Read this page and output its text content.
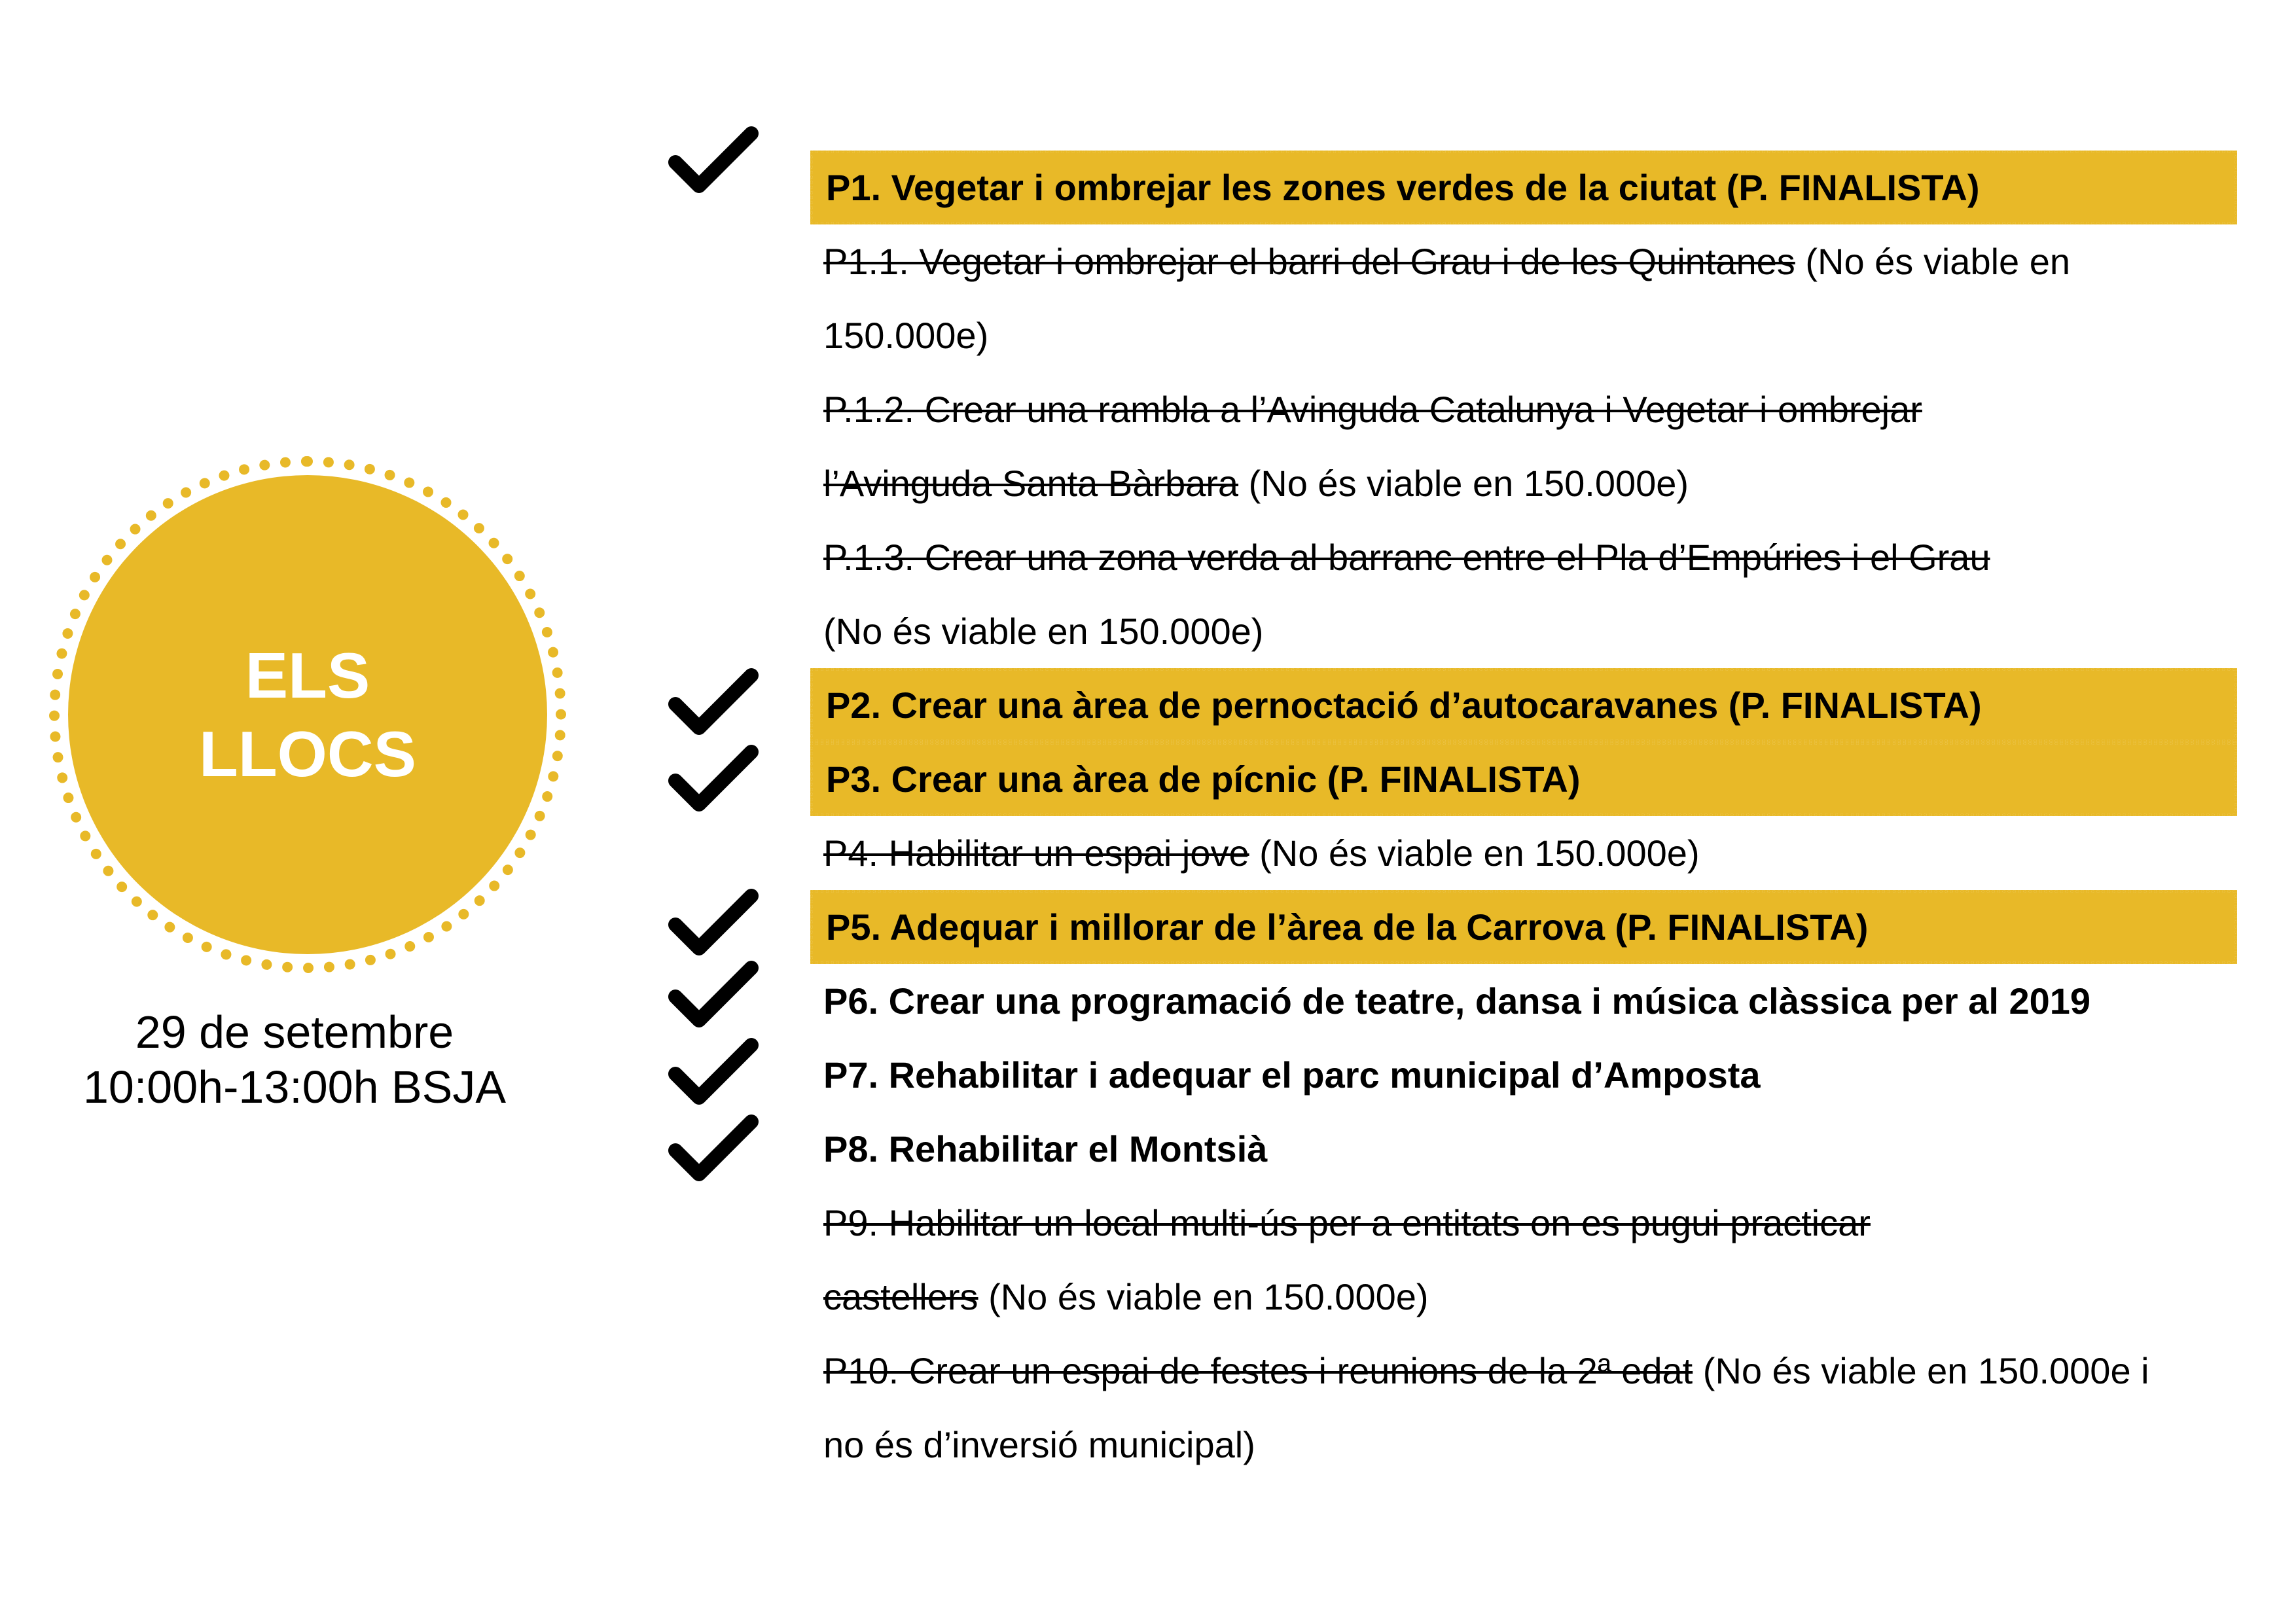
ELS
LLOCS
29 de setembre
10:00h-13:00h BSJA
P1. Vegetar i ombrejar les zones verdes de la ciutat (P. FINALISTA)
P1.1. Vegetar i ombrejar el barri del Grau i de les Quintanes (No és viable en
150.000e)
P.1.2. Crear una rambla a l’Avinguda Catalunya i Vegetar i ombrejar
l’Avinguda Santa Bàrbara (No és viable en 150.000e)
P.1.3. Crear una zona verda al barranc entre el Pla d’Empúries i el Grau
(No és viable en 150.000e)
P2. Crear una àrea de pernoctació d’autocaravanes (P. FINALISTA)
P3. Crear una àrea de pícnic (P. FINALISTA)
P4. Habilitar un espai jove (No és viable en 150.000e)
P5. Adequar i millorar de l’àrea de la Carrova (P. FINALISTA)
P6. Crear una programació de teatre, dansa i música clàssica per al 2019
P7. Rehabilitar i adequar el parc municipal d’Amposta
P8. Rehabilitar el Montsià
P9. Habilitar un local multi-ús per a entitats on es pugui practicar
castellers (No és viable en 150.000e)
P10. Crear un espai de festes i reunions de la 2ª edat (No és viable en 150.000e i
no és d’inversió municipal)
